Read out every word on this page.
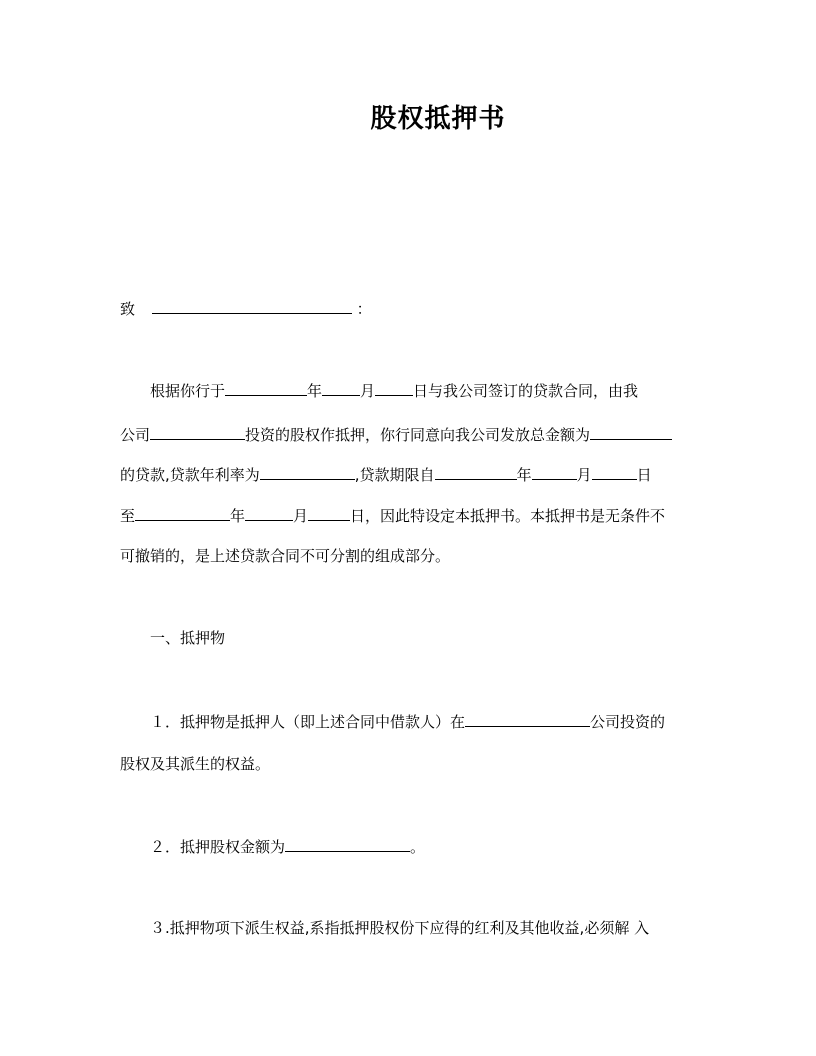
股权抵押书
致	：
根据你行于	年	月	日与我公司签订的贷款合同，由我
公司	投资的股权作抵押，你行同意向我公司发放总金额为
的贷款,贷款年利率为	,贷款期限自	年	月	日
至	年	月	日，因此特设定本抵押书。本抵押书是无条件不
可撤销的，是上述贷款合同不可分割的组成部分。
一、抵押物
１．抵押物是抵押人（即上述合同中借款人）在	公司投资的
股权及其派生的权益。
２．抵押股权金额为	。
３.抵押物项下派生权益,系指抵押股权份下应得的红利及其他收益,必须解 入
